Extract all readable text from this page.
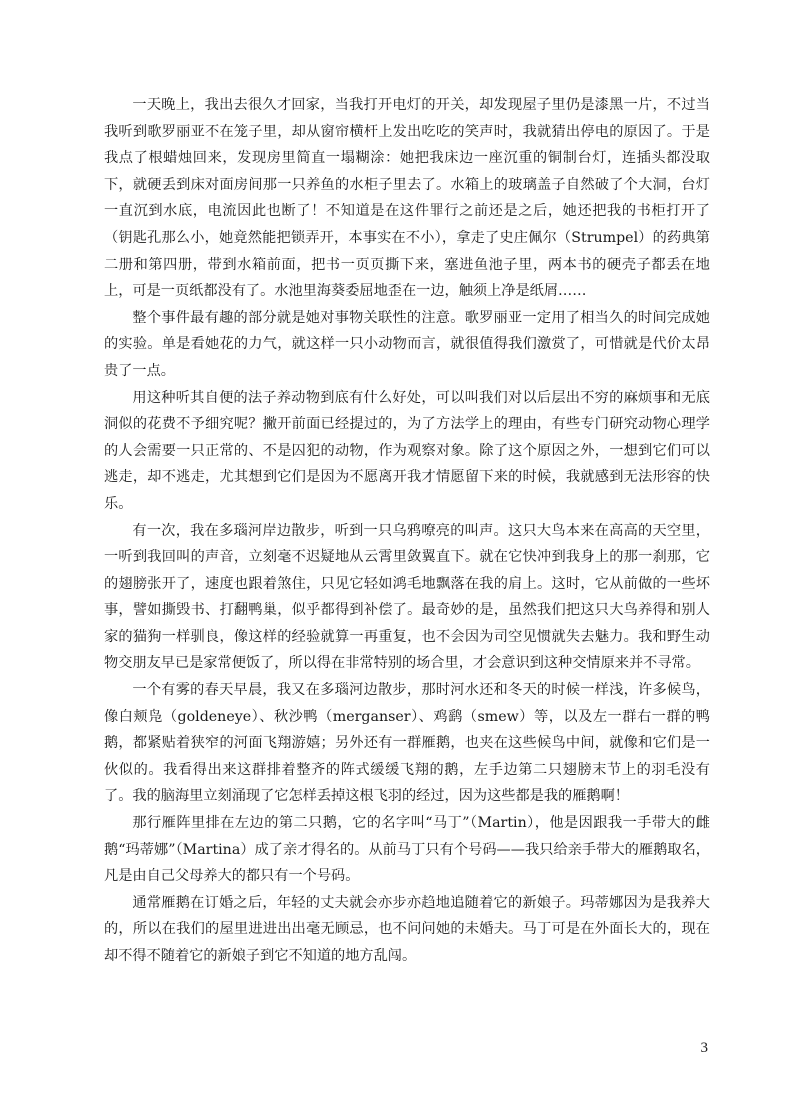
一天晚上，我出去很久才回家，当我打开电灯的开关，却发现屋子里仍是漆黑一片，不过当我听到歌罗丽亚不在笼子里，却从窗帘横杆上发出吃吃的笑声时，我就猜出停电的原因了。于是我点了根蜡烛回来，发现房里简直一塌糊涂：她把我床边一座沉重的铜制台灯，连插头都没取下，就硬丢到床对面房间那一只养鱼的水柜子里去了。水箱上的玻璃盖子自然破了个大洞，台灯一直沉到水底，电流因此也断了！不知道是在这件罪行之前还是之后，她还把我的书柜打开了（钥匙孔那么小，她竟然能把锁弄开，本事实在不小），拿走了史庄佩尔（Strumpel）的药典第二册和第四册，带到水箱前面，把书一页页撕下来，塞进鱼池子里，两本书的硬壳子都丢在地上，可是一页纸都没有了。水池里海葵委屈地歪在一边，触须上净是纸屑……

整个事件最有趣的部分就是她对事物关联性的注意。歌罗丽亚一定用了相当久的时间完成她的实验。单是看她花的力气，就这样一只小动物而言，就很值得我们激赏了，可惜就是代价太昂贵了一点。

用这种听其自便的法子养动物到底有什么好处，可以叫我们对以后层出不穷的麻烦事和无底洞似的花费不予细究呢？撇开前面已经提过的，为了方法学上的理由，有些专门研究动物心理学的人会需要一只正常的、不是囚犯的动物，作为观察对象。除了这个原因之外，一想到它们可以逃走，却不逃走，尤其想到它们是因为不愿离开我才情愿留下来的时候，我就感到无法形容的快乐。

有一次，我在多瑙河岸边散步，听到一只乌鸦嘹亮的叫声。这只大鸟本来在高高的天空里，一听到我回叫的声音，立刻毫不迟疑地从云霄里敛翼直下。就在它快冲到我身上的那一刹那，它的翅膀张开了，速度也跟着煞住，只见它轻如鸿毛地飘落在我的肩上。这时，它从前做的一些坏事，譬如撕毁书、打翻鸭巢，似乎都得到补偿了。最奇妙的是，虽然我们把这只大鸟养得和别人家的猫狗一样驯良，像这样的经验就算一再重复，也不会因为司空见惯就失去魅力。我和野生动物交朋友早已是家常便饭了，所以得在非常特别的场合里，才会意识到这种交情原来并不寻常。

一个有雾的春天早晨，我又在多瑙河边散步，那时河水还和冬天的时候一样浅，许多候鸟，像白颊凫（goldeneye）、秋沙鸭（merganser）、鸡鹞（smew）等，以及左一群右一群的鸭鹅，都紧贴着狭窄的河面飞翔游嬉；另外还有一群雁鹅，也夹在这些候鸟中间，就像和它们是一伙似的。我看得出来这群排着整齐的阵式缓缓飞翔的鹅，左手边第二只翅膀末节上的羽毛没有了。我的脑海里立刻涌现了它怎样丢掉这根飞羽的经过，因为这些都是我的雁鹅啊！

那行雁阵里排在左边的第二只鹅，它的名字叫“马丁”（Martin），他是因跟我一手带大的雌鹅“玛蒂娜”（Martina）成了亲才得名的。从前马丁只有个号码——我只给亲手带大的雁鹅取名，凡是由自己父母养大的都只有一个号码。

通常雁鹅在订婚之后，年轻的丈夫就会亦步亦趋地追随着它的新娘子。玛蒂娜因为是我养大的，所以在我们的屋里进进出出毫无顾忌，也不问问她的未婚夫。马丁可是在外面长大的，现在却不得不随着它的新娘子到它不知道的地方乱闯。

3
